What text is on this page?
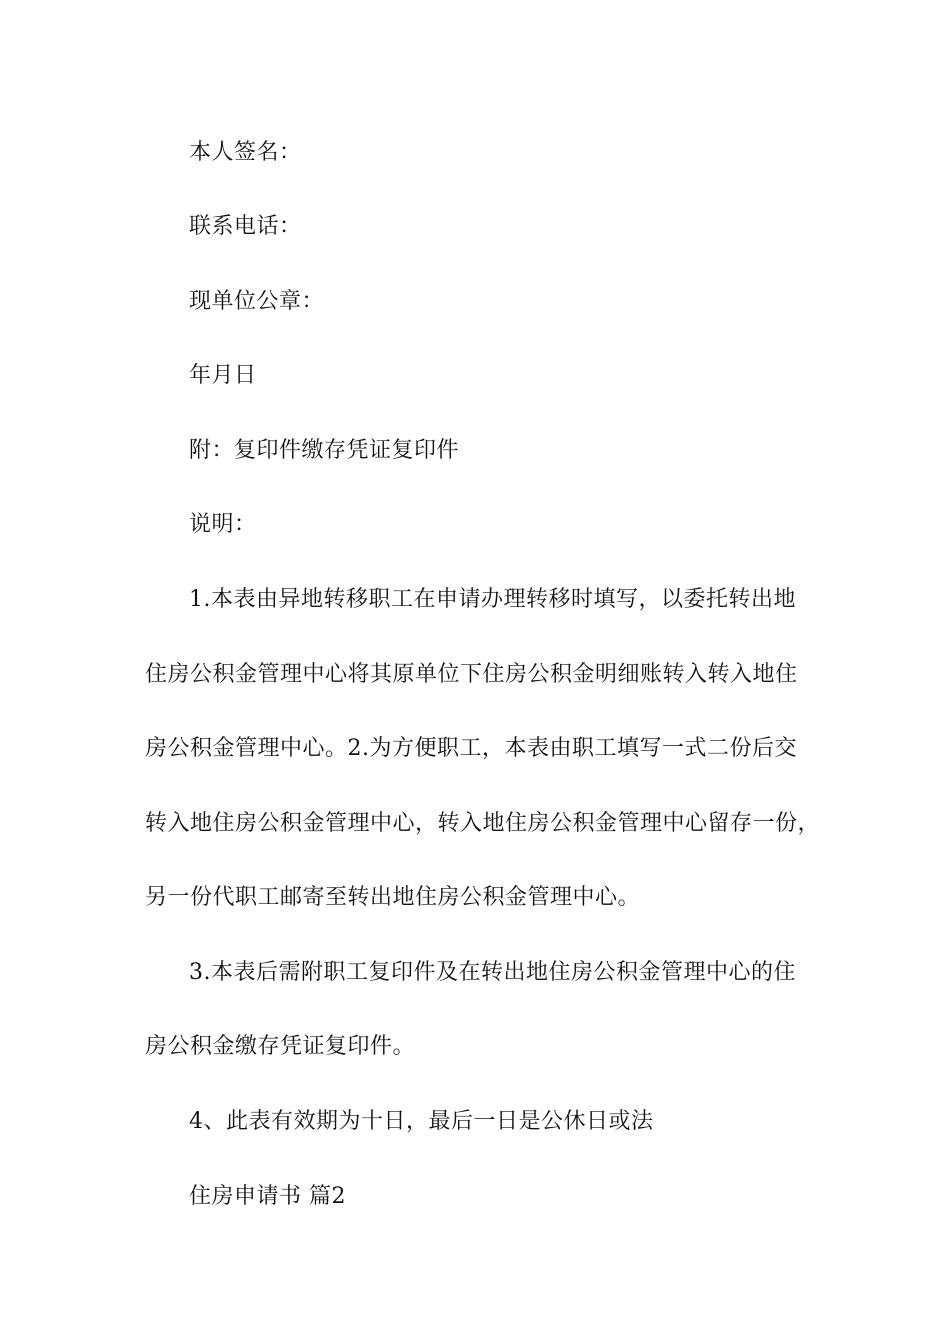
本人签名：
联系电话：
现单位公章：
年月日
附：复印件缴存凭证复印件
说明：
1.本表由异地转移职工在申请办理转移时填写，以委托转出地
住房公积金管理中心将其原单位下住房公积金明细账转入转入地住
房公积金管理中心。2.为方便职工，本表由职工填写一式二份后交
转入地住房公积金管理中心，转入地住房公积金管理中心留存一份，
另一份代职工邮寄至转出地住房公积金管理中心。
3.本表后需附职工复印件及在转出地住房公积金管理中心的住
房公积金缴存凭证复印件。
4、此表有效期为十日，最后一日是公休日或法
住房申请书 篇2
